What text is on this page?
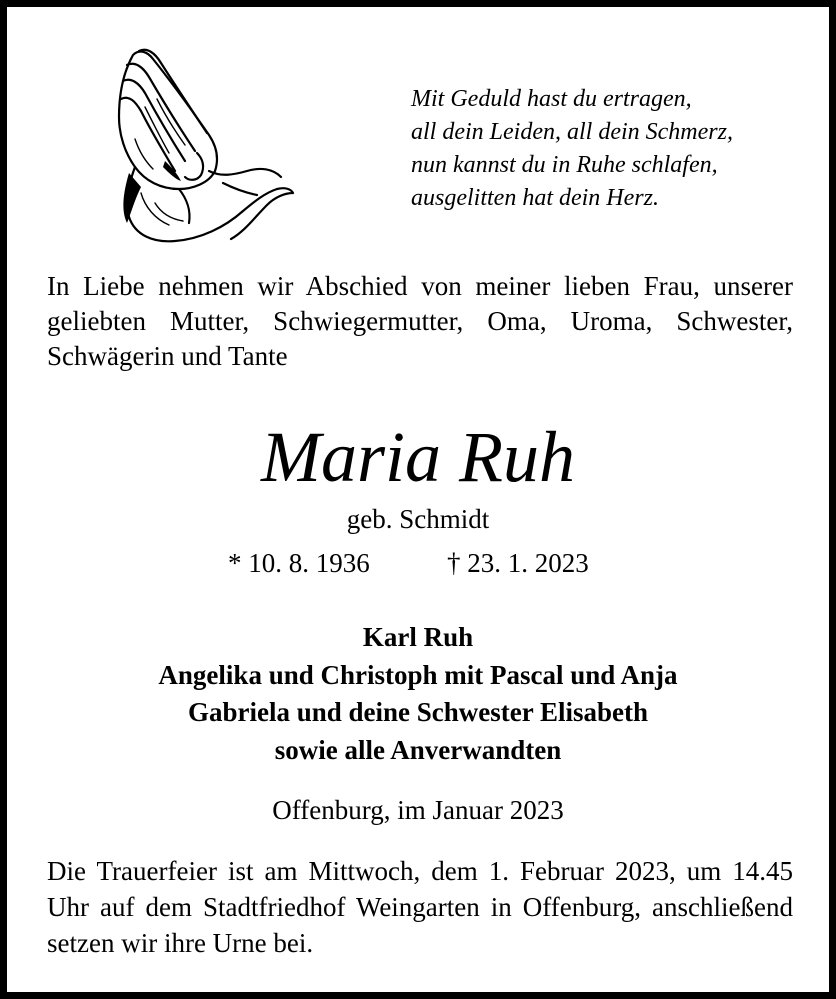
Mit Geduld hast du ertragen,
all dein Leiden, all dein Schmerz,
nun kannst du in Ruhe schlafen,
ausgelitten hat dein Herz.
In Liebe nehmen wir Abschied von meiner lieben Frau, unserer geliebten Mutter, Schwiegermutter, Oma, Uroma, Schwester, Schwägerin und Tante
Maria Ruh
geb. Schmidt
* 10. 8. 1936	† 23. 1. 2023
Karl Ruh
Angelika und Christoph mit Pascal und Anja
Gabriela und deine Schwester Elisabeth
sowie alle Anverwandten
Offenburg, im Januar 2023
Die Trauerfeier ist am Mittwoch, dem 1. Februar 2023, um 14.45 Uhr auf dem Stadtfriedhof Weingarten in Offenburg, anschließend setzen wir ihre Urne bei.
